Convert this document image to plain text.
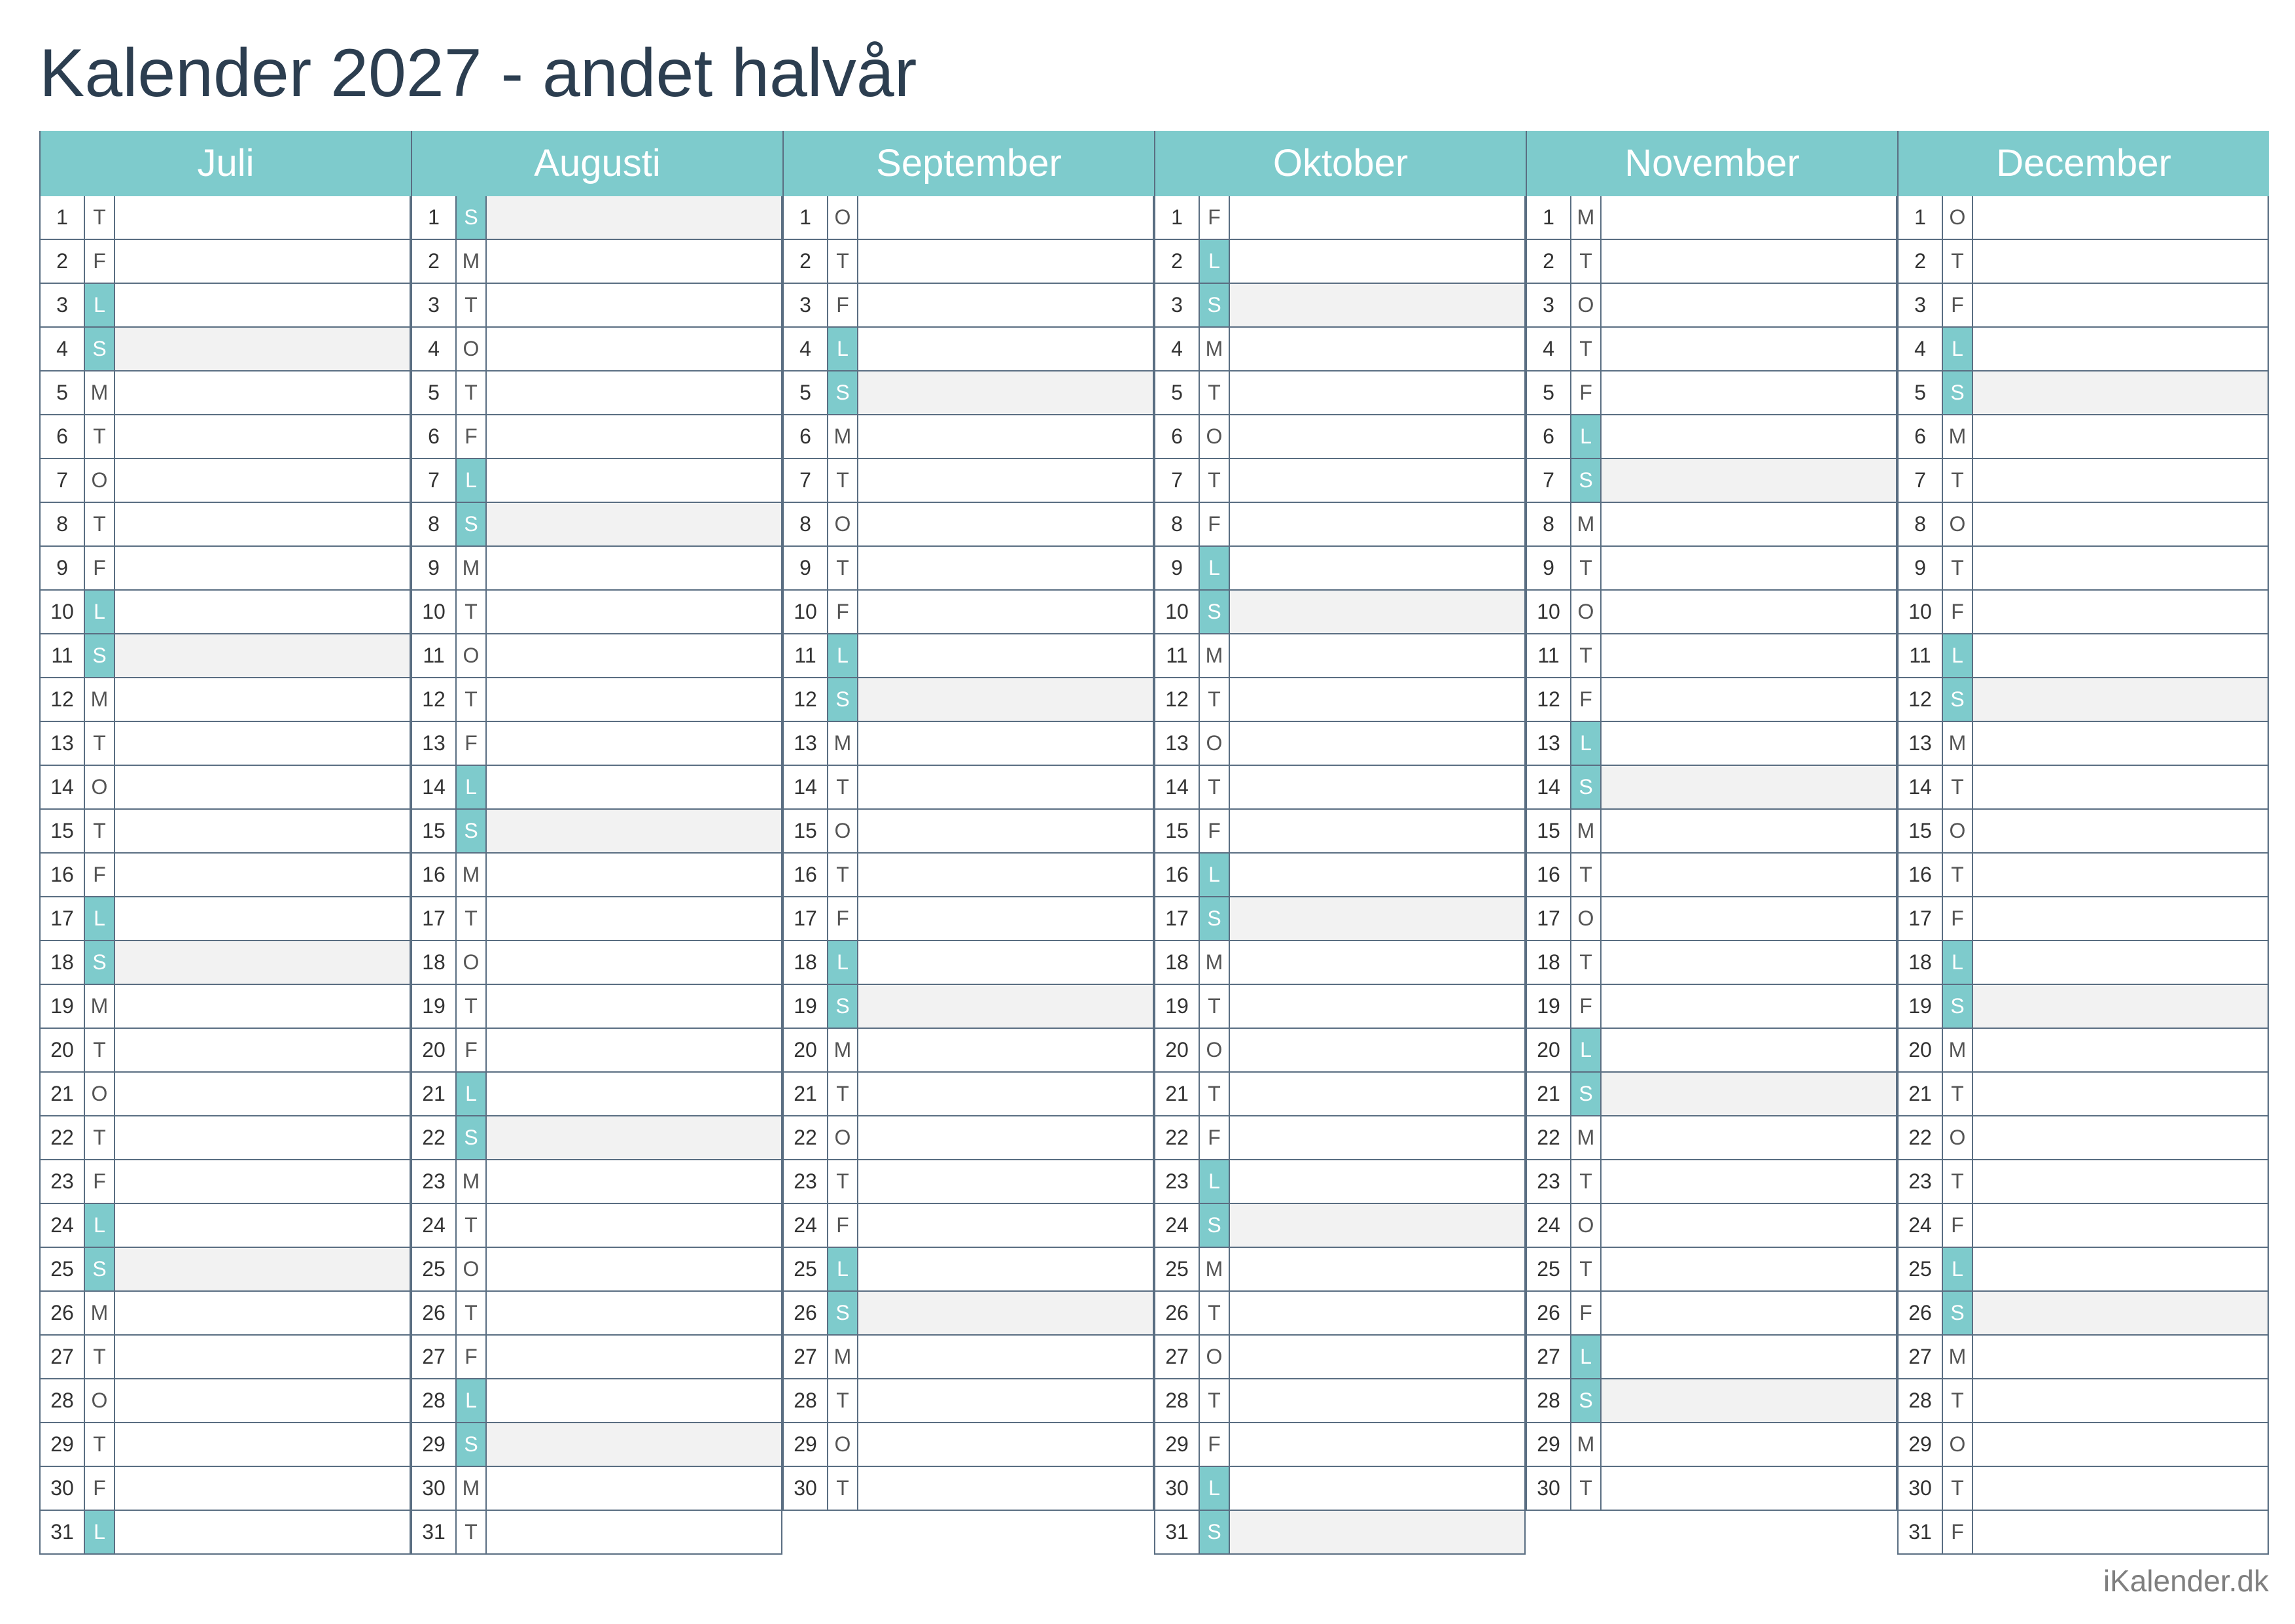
Kalender 2027 - andet halvår
Juli
1	T
2	F
3	L
4	S
5	M
6	T
7	O
8	T
9	F
10 L
11 S
12 M
13 T
14 O
15 T
16 F
17 L
18 S
19 M
20 T
21 O
22 T
23 F
24 L
25 S
26 M
27 T
28 O
29 T
30 F
31 L
Augusti
1	S
2	M
3	T
4	O
5	T
6	F
7	L
8	S
9	M
10 T
11 O
12 T
13 F
14 L
15 S
16 M
17 T
18 O
19 T
20 F
21 L
22 S
23 M
24 T
25 O
26 T
27 F
28 L
29 S
30 M
31 T
September
1	O
2	T
3	F
4	L
5	S
6	M
7	T
8	O
9	T
10 F
11 L
12 S
13 M
14 T
15 O
16 T
17 F
18 L
19 S
20 M
21 T
22 O
23 T
24 F
25 L
26 S
27 M
28 T
29 O
30 T
Oktober
1	F
2	L
3	S
4	M
5	T
6	O
7	T
8	F
9	L
10 S
11 M
12 T
13 O
14 T
15 F
16 L
17 S
18 M
19 T
20 O
21 T
22 F
23 L
24 S
25 M
26 T
27 O
28 T
29 F
30 L
31 S
November
1	M
2	T
3	O
4	T
5	F
6	L
7	S
8	M
9	T
10 O
11 T
12 F
13 L
14 S
15 M
16 T
17 O
18 T
19 F
20 L
21 S
22 M
23 T
24 O
25 T
26 F
27 L
28 S
29 M
30 T
December
1	O
2	T
3	F
4	L
5	S
6	M
7	T
8	O
9	T
10 F
11 L
12 S
13 M
14 T
15 O
16 T
17 F
18 L
19 S
20 M
21 T
22 O
23 T
24 F
25 L
26 S
27 M
28 T
29 O
30 T
31 F
iKalender.dk
